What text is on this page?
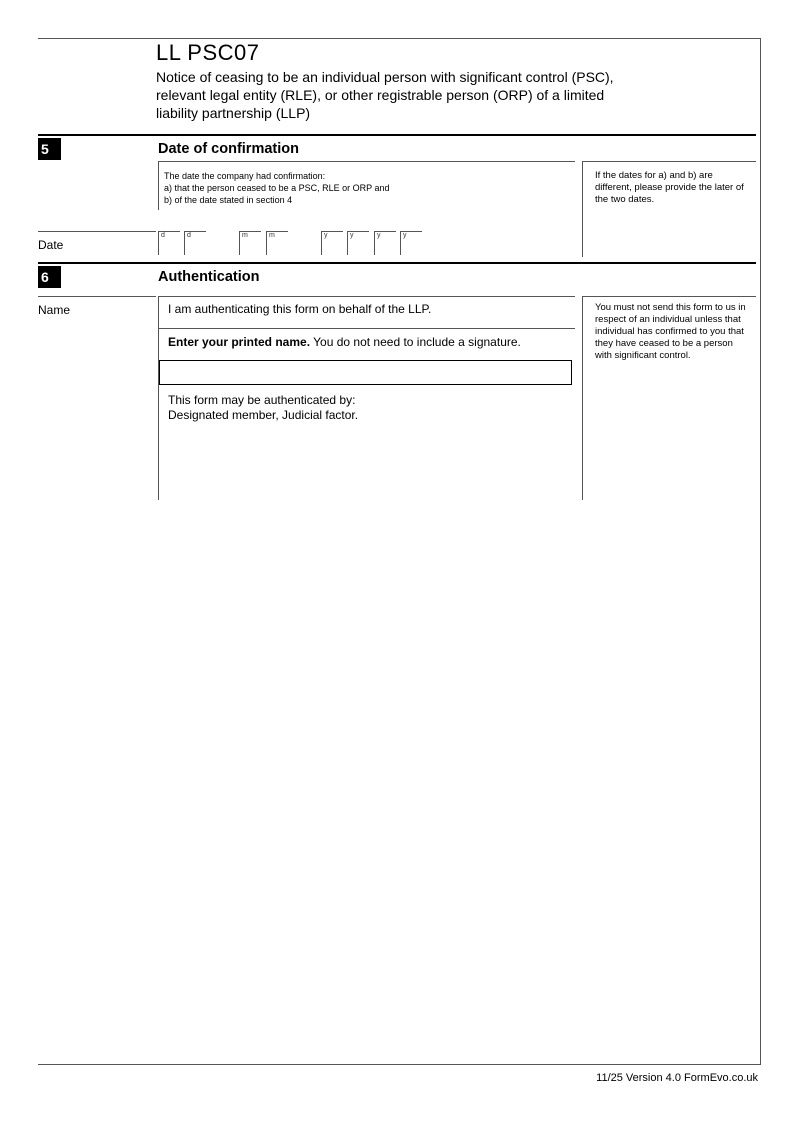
LL PSC07
Notice of ceasing to be an individual person with significant control (PSC), relevant legal entity (RLE), or other registrable person (ORP) of a limited liability partnership (LLP)
5	Date of confirmation
The date the company had confirmation:
a) that the person ceased to be a PSC, RLE or ORP and
b) of the date stated in section 4
If the dates for a) and b) are different, please provide the later of the two dates.
Date
d	d	m	m	y	y	y	y
6	Authentication
Name	I am authenticating this form on behalf of the LLP.
Enter your printed name. You do not need to include a signature.
This form may be authenticated by:
Designated member, Judicial factor.
You must not send this form to us in respect of an individual unless that individual has confirmed to you that they have ceased to be a person with significant control.
11/25 Version 4.0 FormEvo.co.uk
